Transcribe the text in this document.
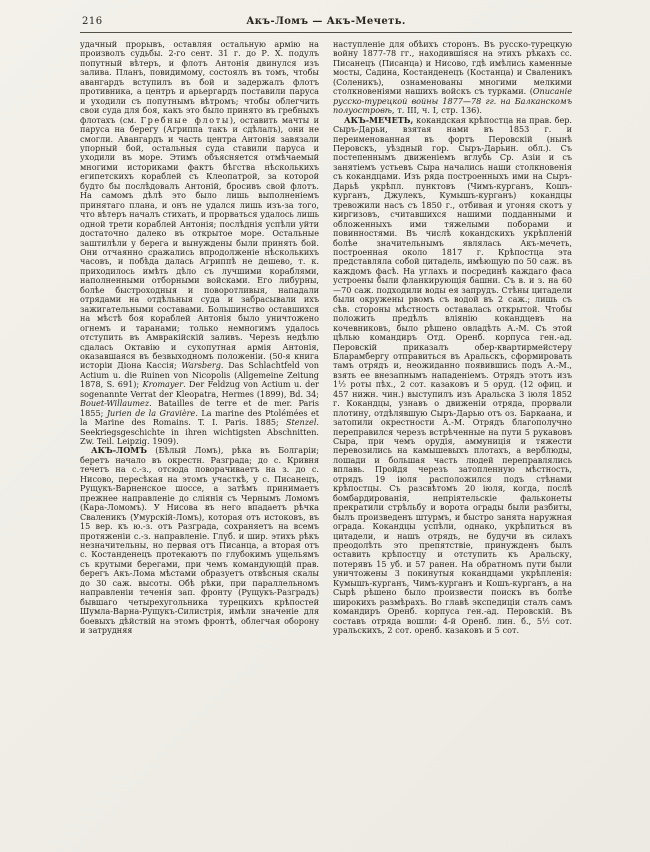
216	Акъ-Ломъ — Акъ-Мечеть.

удачный прорывъ, оставляя остальную армію на произволъ судьбы. 2-го сент. 31 г. до Р. Х. подулъ попутный вѣтеръ, и флотъ Антонія двинулся изъ залива. Планъ, повидимому, состоялъ въ томъ, чтобы авангардъ вступилъ въ бой и задержалъ флотъ противника, а центръ и арьергардъ поставили паруса и уходили съ попутнымъ вѣтромъ; чтобы облегчить свои суда для боя, какъ это было принято въ гребныхъ флотахъ (см. Гребные флоты), оставить мачты и паруса на берегу (Агриппа такъ и сдѣлалъ), они не смогли. Авангардъ и часть центра Антонія завязали упорный бой, остальныя суда ставили паруса и уходили въ море. Этимъ объясняется отмѣчаемый многими историками фактъ бѣгства нѣсколькихъ египетскихъ кораблей съ Клеопатрой, за которой будто бы послѣдовалъ Антоній, бросивъ свой флотъ. На самомъ дѣлѣ это было лишь выполненіемъ принятаго плана, и онъ не удался лишь изъ-за того, что вѣтеръ началъ стихать, и прорваться удалось лишь одной трети кораблей Антонія; послѣднія успѣли уйти достаточно далеко въ открытое море. Остальные заштилѣли у берега и вынуждены были принять бой. Они отчаянно сражались впродолженіе нѣсколькихъ часовъ, и побѣда далась Агриппѣ не дешево, т. к. приходилось имѣть дѣло съ лучшими кораблями, наполненными отборными войсками. Его либурны, болѣе быстроходныя и поворотливыя, нападали отрядами на отдѣльныя суда и забрасывали ихъ зажигательными составами. Большинство оставшихся на мѣстѣ боя кораблей Антонія было уничтожено огнемъ и таранами; только немногимъ удалось отступить въ Амвракійскій заливъ. Черезъ недѣлю сдалась Октавію и сухопутная армія Антонія, оказавшаяся въ безвыходномъ положеніи. (50-я книга исторіи Діона Кассія; Warsberg. Das Schlachtfeld von Actium u. die Ruinen von Nicopolis (Allgemeine Zeitung 1878, S. 691); Kromayer. Der Feldzug von Actium u. der sogenannte Verrat der Kleopatra, Hermes (1899), Bd. 34; Bouet-Willaumez. Batailles de terre et de mer. Paris 1855; Jurien de la Gravière. La marine des Ptolémées et la Marine des Romains. T. I. Paris. 1885; Stenzel. Seekriegsgeschichte in ihren wichtigsten Abschnitten. Zw. Teil. Leipzig. 1909).

АКЪ-ЛОМЪ (Бѣлый Ломъ), рѣка въ Болгаріи; беретъ начало въ окрестн. Разграда; до с. Кривня течетъ на с.-з., отсюда поворачиваетъ на з. до с. Нисово, пересѣкая на этомъ участкѣ, у с. Писанецъ, Рущукъ-Варненское шоссе, а затѣмъ принимаетъ прежнее направленіе до сліянія съ Чернымъ Ломомъ (Кара-Ломомъ). У Нисова въ него впадаетъ рѣчка Сваленикъ (Умурскій-Ломъ), которая отъ истоковъ, въ 15 вер. къ ю.-з. отъ Разграда, сохраняетъ на всемъ протяженіи с.-з. направленіе. Глуб. и шир. этихъ рѣкъ незначительны, но первая отъ Писанца, а вторая отъ с. Костанденецъ протекаютъ по глубокимъ ущельямъ съ крутыми берегами, при чемъ командующій прав. берегъ Акъ-Лома мѣстами образуетъ отвѣсныя скалы до 30 саж. высоты. Обѣ рѣки, при параллельномъ направленіи теченія зап. фронту (Рущукъ-Разградъ) бывшаго четырехугольника турецкихъ крѣпостей Шумла-Варна-Рущукъ-Силистрія, имѣли значеніе для боевыхъ дѣйствій на этомъ фронтѣ, облегчая оборону и затрудняя

наступленіе для обѣихъ сторонъ. Въ русско-турецкую войну 1877-78 гг., находившіяся на этихъ рѣкахъ сс. Писанецъ (Писанца) и Нисово, гдѣ имѣлись каменные мосты, Садина, Костанденецъ (Костанца) и Сваленикъ (Соленикъ), ознаменованы многими мелкими столкновеніями нашихъ войскъ съ турками. (Описаніе русско-турецкой войны 1877—78 гг. на Балканскомъ полуостровѣ, т. III, ч. I, стр. 136).

АКЪ-МЕЧЕТЬ, кокандская крѣпостца на прав. бер. Сыръ-Дарьи, взятая нами въ 1853 г. и переименованная въ фортъ Перовскій (нынѣ Перовскъ, уѣздный гор. Сыръ-Дарьин. обл.). Съ постепеннымъ движеніемъ вглубь Ср. Азіи и съ занятіемъ устьевъ Сыра начались наши столкновенія съ кокандцами. Изъ ряда построенныхъ ими на Сыръ-Дарьѣ укрѣпл. пунктовъ (Чимъ-курганъ, Кошъ-курганъ, Джулекъ, Кумышъ-курганъ) кокандцы тревожили насъ съ 1850 г., отбивая и угоняя скотъ у киргизовъ, считавшихся нашими подданными и обложенныхъ ими тяжелыми поборами и повинностями. Въ числѣ кокандскихъ укрѣпленій болѣе значительнымъ являлась Акъ-мечеть, построенная около 1817 г. Крѣпостца эта представляла собой цитадель, имѣющую по 50 саж. въ каждомъ фасѣ. На углахъ и посрединѣ каждаго фаса устроены были фланкирующія башни. Съ в. и з. на 60—70 саж. подходили воды ея запрудъ. Стѣны цитадели были окружены рвомъ съ водой въ 2 саж.; лишь съ сѣв. стороны мѣстность оставалась открытой. Чтобы положить предѣлъ вліянію кокандцевъ на кочевниковъ, было рѣшено овладѣть А.-М. Съ этой цѣлью командиръ Отд. Оренб. корпуса ген.-ад. Перовскій приказалъ обер-квартирмейстеру Бларамбергу отправиться въ Аральскъ, сформировать тамъ отрядъ и, неожиданно появившись подъ А.-М., взять ее внезапнымъ нападеніемъ. Отрядъ этотъ изъ 1½ роты пѣх., 2 сот. казаковъ и 5 оруд. (12 офиц. и 457 нижн. чин.) выступилъ изъ Аральска 3 іюля 1852 г. Кокандцы, узнавъ о движеніи отряда, прорвали плотину, отдѣлявшую Сыръ-Дарью отъ оз. Баркаана, и затопили окрестности А.-М. Отрядъ благополучно переправился черезъ встрѣченные на пути 5 рукавовъ Сыра, при чемъ орудія, аммуниція и тяжести перевозились на камышевыхъ плотахъ, а верблюды, лошади и большая часть людей переправлялись вплавь. Пройдя черезъ затопленную мѣстность, отрядъ 19 іюля расположился подъ стѣнами крѣпостцы. Съ разсвѣтомъ 20 іюля, когда, послѣ бомбардированія, непріятельскіе фальконеты прекратили стрѣльбу и ворота ограды были разбиты, былъ произведенъ штурмъ, и быстро занята наружная ограда. Кокандцы успѣли, однако, укрѣпиться въ цитадели, и нашъ отрядъ, не будучи въ силахъ преодолѣть это препятствіе, принужденъ былъ оставить крѣпостцу и отступить къ Аральску, потерявъ 15 уб. и 57 ранен. На обратномъ пути были уничтожены 3 покинутыя кокандцами укрѣпленія: Кумышъ-курганъ, Чимъ-курганъ и Кошъ-курганъ, а на Сырѣ рѣшено было произвести поискъ въ болѣе широкихъ размѣрахъ. Во главѣ экспедиціи сталъ самъ командиръ Оренб. корпуса ген.-ад. Перовскій. Въ составъ отряда вошли: 4-й Оренб. лин. б., 5½ сот. уральскихъ, 2 сот. оренб. казаковъ и 5 сот.
